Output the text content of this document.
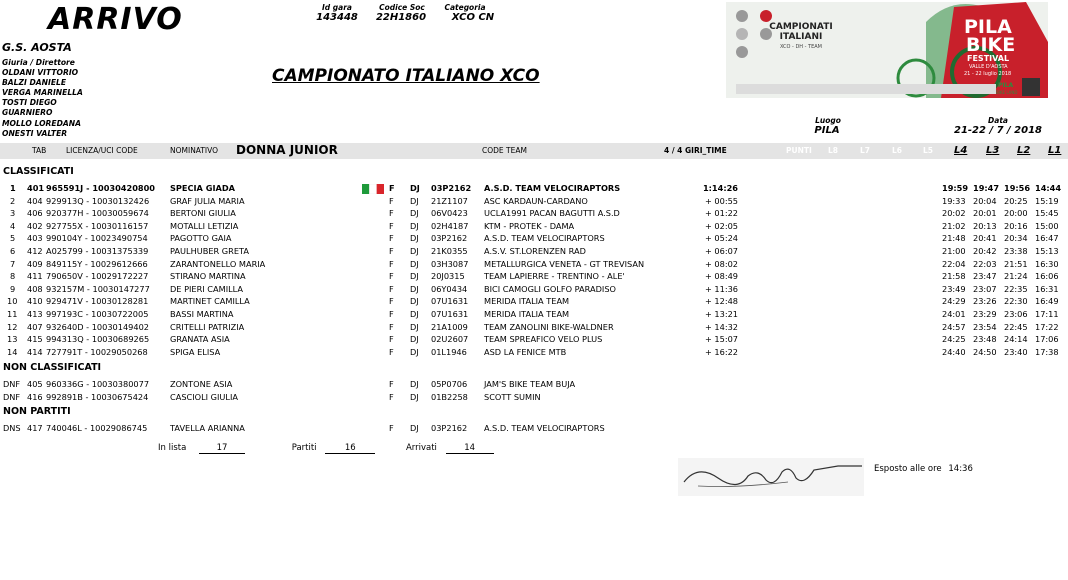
ARRIVO
G.S. AOSTA
Giuria / Direttore
OLDANI VITTORIO
BALZI DANIELE
VERGA MARINELLA
TOSTI DIEGO
GUARNIERO
MOLLO LOREDANA
ONESTI VALTER
Id gara
143448
Codice Soc
22H1860
Categoria
XCO CN
CAMPIONATO ITALIANO XCO
CAMPIONATI ITALIANI
XCO - DH - TEAM
PILA
BIKE
FESTIVAL
VALLE D'AOSTA
21 - 22 luglio 2018
PILA
BIKE LAND
Luogo
PILA
Data
21-22 / 7 / 2018
TAB	LICENZA/UCI CODE	NOMINATIVO DONNA JUNIOR	CODE TEAM	4 / 4 GIRI_TIME	PUNTI L8	L7	L6	L5 L4 L3 L2 L1
CLASSIFICATI
1 401 965591J - 10030420800 SPECIA GIADA	F DJ 03P2162 A.S.D. TEAM VELOCIRAPTORS	1:14:26	19:59 19:47 19:56 14:44
2 404 929913Q - 10030132426	GRAF JULIA MARIA	F DJ 21Z1107 ASC KARDAUN-CARDANO	+ 00:55	19:33 20:04 20:25 15:19
3 406 920377H - 10030059674	BERTONI GIULIA	F DJ 06V0423 UCLA1991 PACAN BAGUTTI A.S.D	+ 01:22	20:02 20:01 20:00 15:45
4 402 927755X - 10030116157	MOTALLI LETIZIA	F DJ 02H4187 KTM - PROTEK - DAMA	+ 02:05	21:02 20:13 20:16 15:00
5 403 990104Y - 10023490754	PAGOTTO GAIA	F DJ 03P2162 A.S.D. TEAM VELOCIRAPTORS	+ 05:24	21:48 20:41 20:34 16:47
6 412 A025799 - 10031375339	PAULHUBER GRETA	F DJ 21K0355 A.S.V. ST.LORENZEN RAD	+ 06:07	21:00 20:42 23:38 15:13
7 409 849115Y - 10029612666	ZARANTONELLO MARIA	F DJ 03H3087 METALLURGICA VENETA - GT TREVISAN	+ 08:02	22:04 22:03 21:51 16:30
8 411 790650V - 10029172227	STIRANO MARTINA	F DJ 20J0315 TEAM LAPIERRE - TRENTINO - ALE'	+ 08:49	21:58 23:47 21:24 16:06
9 408 932157M - 10030147277 DE PIERI CAMILLA	F DJ 06Y0434 BICI CAMOGLI GOLFO PARADISO	+ 11:36	23:49 23:07 22:35 16:31
10 410 929471V - 10030128281	MARTINET CAMILLA	F DJ 07U1631 MERIDA ITALIA TEAM	+ 12:48	24:29 23:26 22:30 16:49
11 413 997193C - 10030722005	BASSI MARTINA	F DJ 07U1631 MERIDA ITALIA TEAM	+ 13:21	24:01 23:29 23:06 17:11
12 407 932640D - 10030149402	CRITELLI PATRIZIA	F DJ 21A1009 TEAM ZANOLINI BIKE-WALDNER	+ 14:32	24:57 23:54 22:45 17:22
13 415 994313Q - 10030689265	GRANATA ASIA	F DJ 02U2607 TEAM SPREAFICO VELO PLUS	+ 15:07	24:25 23:48 24:14 17:06
14 414 727791T - 10029050268	SPIGA ELISA	F DJ 01L1946 ASD LA FENICE MTB	+ 16:22	24:40 24:50 23:40 17:38
NON CLASSIFICATI
DNF 405 960336G - 10030380077	ZONTONE ASIA	F DJ 05P0706 JAM'S BIKE TEAM BUJA
DNF 416 992891B - 10030675424	CASCIOLI GIULIA	F DJ 01B2258 SCOTT SUMIN
NON PARTITI
DNS 417 740046L - 10029086745	TAVELLA ARIANNA	F DJ 03P2162 A.S.D. TEAM VELOCIRAPTORS
In lista	17	Partiti	16	Arrivati	14
Esposto alle ore 14:36
